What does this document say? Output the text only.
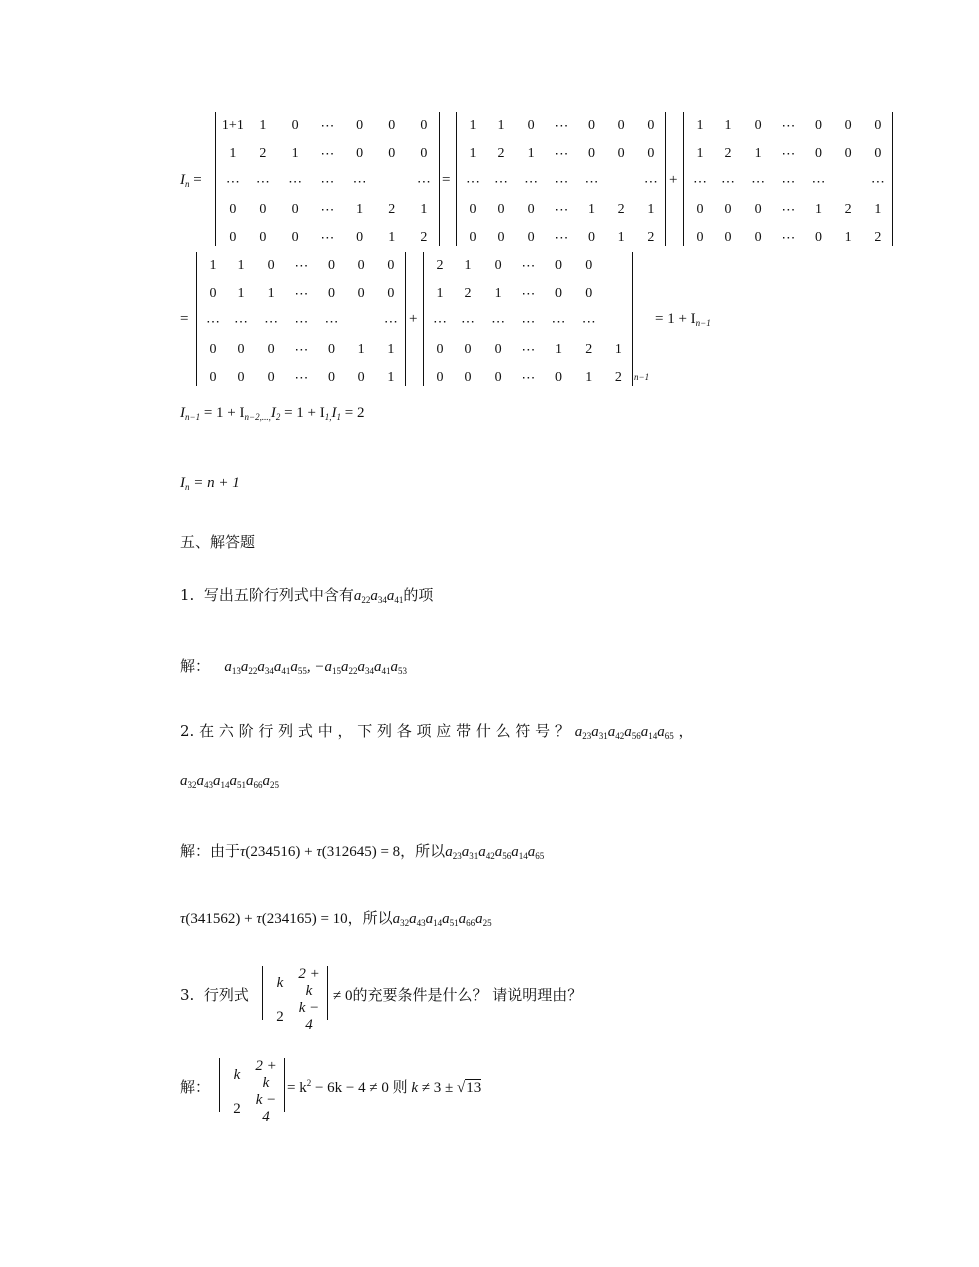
$I_n$ =
1+1	1	0	⋯	0	0	0
1	2	1	⋯	0	0	0
⋯	⋯	⋯	⋯	⋯		⋯
0	0	0	⋯	1	2	1
0	0	0	⋯	0	1	2
=
1	1	0	⋯	0	0	0
1	2	1	⋯	0	0	0
⋯	⋯	⋯	⋯	⋯		⋯
0	0	0	⋯	1	2	1
0	0	0	⋯	0	1	2
+
1	1	0	⋯	0	0	0
1	2	1	⋯	0	0	0
⋯	⋯	⋯	⋯	⋯		⋯
0	0	0	⋯	1	2	1
0	0	0	⋯	0	1	2
=
1	1	0	⋯	0	0	0
0	1	1	⋯	0	0	0
⋯	⋯	⋯	⋯	⋯		⋯
0	0	0	⋯	0	1	1
0	0	0	⋯	0	0	1
+
2	1	0	⋯	0	0	
1	2	1	⋯	0	0	
⋯	⋯	⋯	⋯	⋯	⋯	
0	0	0	⋯	1	2	1
0	0	0	⋯	0	1	2 n−1
= $1 + I_{n-1}$
$I_{n-1} = 1 + I_{n-2,...,}I_2 = 1 + I_{1,}I_1 = 2$
$I_n = n + 1$
五、解答题
1. 写出五阶行列式中含有$a_{22}a_{34}a_{41}$的项
解： $a_{13}a_{22}a_{34}a_{41}a_{55}$, $-a_{15}a_{22}a_{34}a_{41}a_{53}$
2. 在 六 阶 行 列 式 中 ， 下 列 各 项 应 带 什 么 符 号 ？ $a_{23}a_{31}a_{42}a_{56}a_{14}a_{65}$ ，
$a_{32}a_{43}a_{14}a_{51}a_{66}a_{25}$
解：由于τ(234516) + τ(312645) = 8，所以$a_{23}a_{31}a_{42}a_{56}a_{14}a_{65}$
τ(341562) + τ(234165) = 10，所以$a_{32}a_{43}a_{14}a_{51}a_{66}a_{25}$
3. 行列式
k	2 + k
2	k − 4
≠ 0的充要条件是什么？ 请说明理由？
解：
k	2 + k
2	k − 4
= $k^2 - 6k - 4 \ne 0$ 则 k ≠ 3 ± √13
